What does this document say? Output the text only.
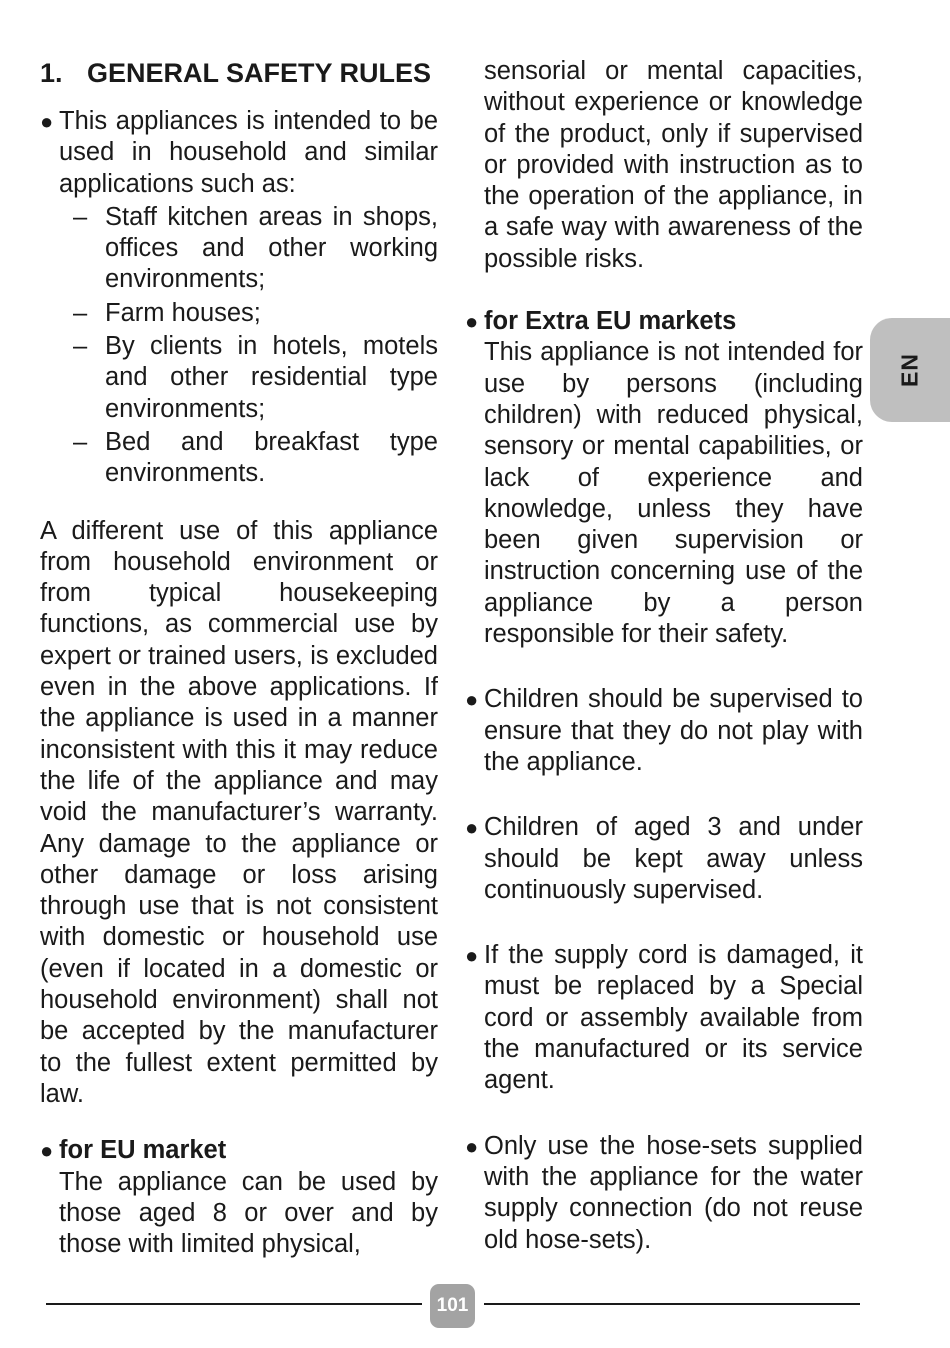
1. GENERAL SAFETY RULES
● This appliances is intended to be used in household and similar applications such as:
– Staff kitchen areas in shops, offices and other working environments;
– Farm houses;
– By clients in hotels, motels and other residential type environments;
– Bed and breakfast type environments.

A different use of this appliance from household environment or from typical housekeeping functions, as commercial use by expert or trained users, is excluded even in the above applications. If the appliance is used in a manner inconsistent with this it may reduce the life of the appliance and may void the manufacturer’s warranty. Any damage to the appliance or other damage or loss arising through use that is not consistent with domestic or household use (even if located in a domestic or household environment) shall not be accepted by the manufacturer to the fullest extent permitted by law.

● for EU market
The appliance can be used by those aged 8 or over and by those with limited physical,
sensorial or mental capacities, without experience or knowledge of the product, only if supervised or provided with instruction as to the operation of the appliance, in a safe way with awareness of the possible risks.
● for Extra EU markets
This appliance is not intended for use by persons (including children) with reduced physical, sensory or mental capabilities, or lack of experience and knowledge, unless they have been given supervision or instruction concerning use of the appliance by a person responsible for their safety.
● Children should be supervised to ensure that they do not play with the appliance.
● Children of aged 3 and under should be kept away unless continuously supervised.
● If the supply cord is damaged, it must be replaced by a Special cord or assembly available from the manufactured or its service agent.
● Only use the hose-sets supplied with the appliance for the water supply connection (do not reuse old hose-sets).
EN
101
